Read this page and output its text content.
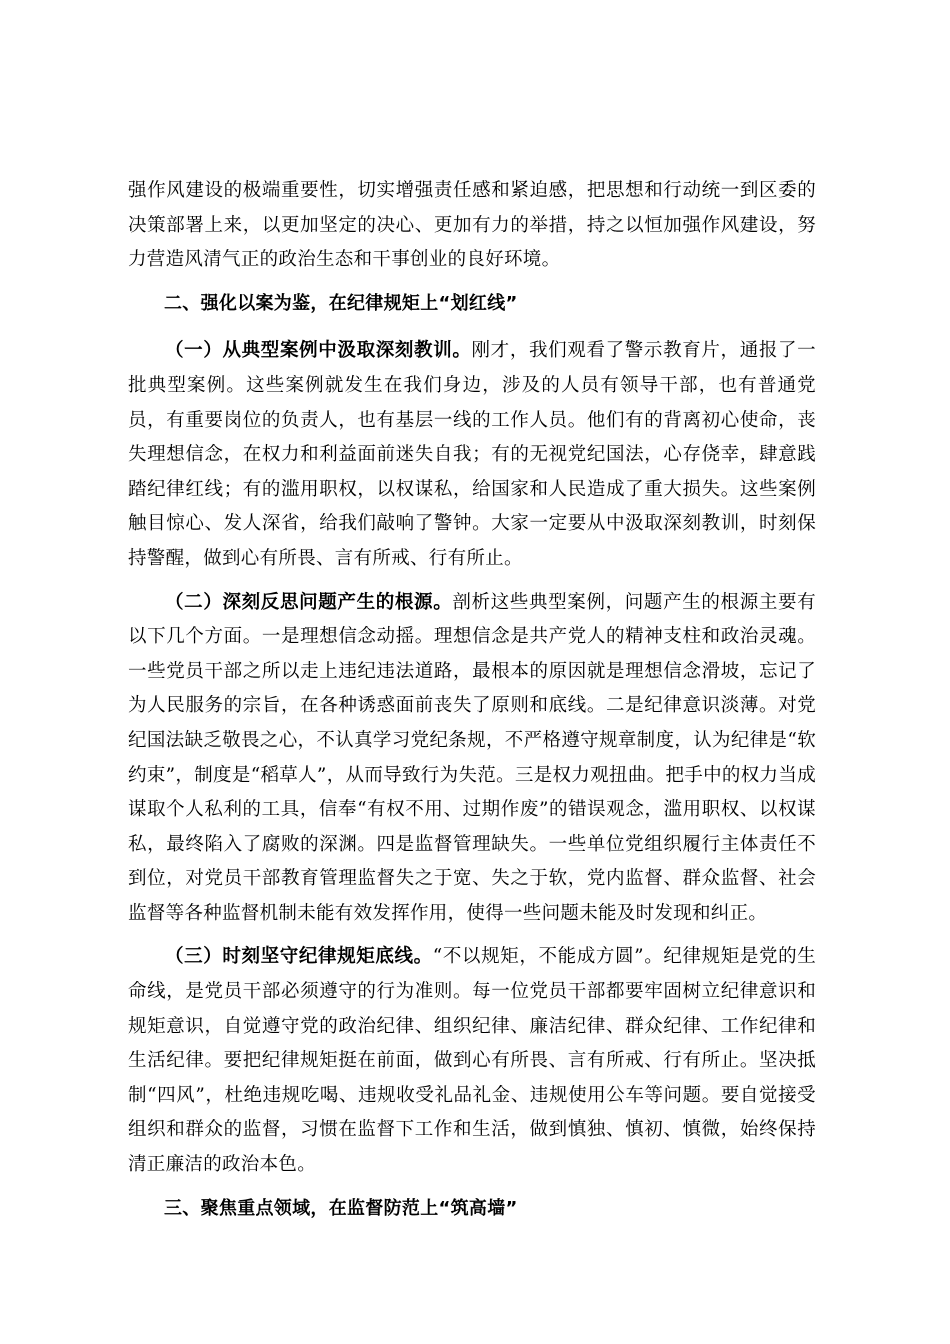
强作风建设的极端重要性，切实增强责任感和紧迫感，把思想和行动统一到区委的决策部署上来，以更加坚定的决心、更加有力的举措，持之以恒加强作风建设，努力营造风清气正的政治生态和干事创业的良好环境。

二、强化以案为鉴，在纪律规矩上“划红线”

（一）从典型案例中汲取深刻教训。刚才，我们观看了警示教育片，通报了一批典型案例。这些案例就发生在我们身边，涉及的人员有领导干部，也有普通党员，有重要岗位的负责人，也有基层一线的工作人员。他们有的背离初心使命，丧失理想信念，在权力和利益面前迷失自我；有的无视党纪国法，心存侥幸，肆意践踏纪律红线；有的滥用职权，以权谋私，给国家和人民造成了重大损失。这些案例触目惊心、发人深省，给我们敲响了警钟。大家一定要从中汲取深刻教训，时刻保持警醒，做到心有所畏、言有所戒、行有所止。

（二）深刻反思问题产生的根源。剖析这些典型案例，问题产生的根源主要有以下几个方面。一是理想信念动摇。理想信念是共产党人的精神支柱和政治灵魂。一些党员干部之所以走上违纪违法道路，最根本的原因就是理想信念滑坡，忘记了为人民服务的宗旨，在各种诱惑面前丧失了原则和底线。二是纪律意识淡薄。对党纪国法缺乏敬畏之心，不认真学习党纪条规，不严格遵守规章制度，认为纪律是“软约束”，制度是“稻草人”，从而导致行为失范。三是权力观扭曲。把手中的权力当成谋取个人私利的工具，信奉“有权不用、过期作废”的错误观念，滥用职权、以权谋私，最终陷入了腐败的深渊。四是监督管理缺失。一些单位党组织履行主体责任不到位，对党员干部教育管理监督失之于宽、失之于软，党内监督、群众监督、社会监督等各种监督机制未能有效发挥作用，使得一些问题未能及时发现和纠正。

（三）时刻坚守纪律规矩底线。“不以规矩，不能成方圆”。纪律规矩是党的生命线，是党员干部必须遵守的行为准则。每一位党员干部都要牢固树立纪律意识和规矩意识，自觉遵守党的政治纪律、组织纪律、廉洁纪律、群众纪律、工作纪律和生活纪律。要把纪律规矩挺在前面，做到心有所畏、言有所戒、行有所止。坚决抵制“四风”，杜绝违规吃喝、违规收受礼品礼金、违规使用公车等问题。要自觉接受组织和群众的监督，习惯在监督下工作和生活，做到慎独、慎初、慎微，始终保持清正廉洁的政治本色。

三、聚焦重点领域，在监督防范上“筑高墙”
